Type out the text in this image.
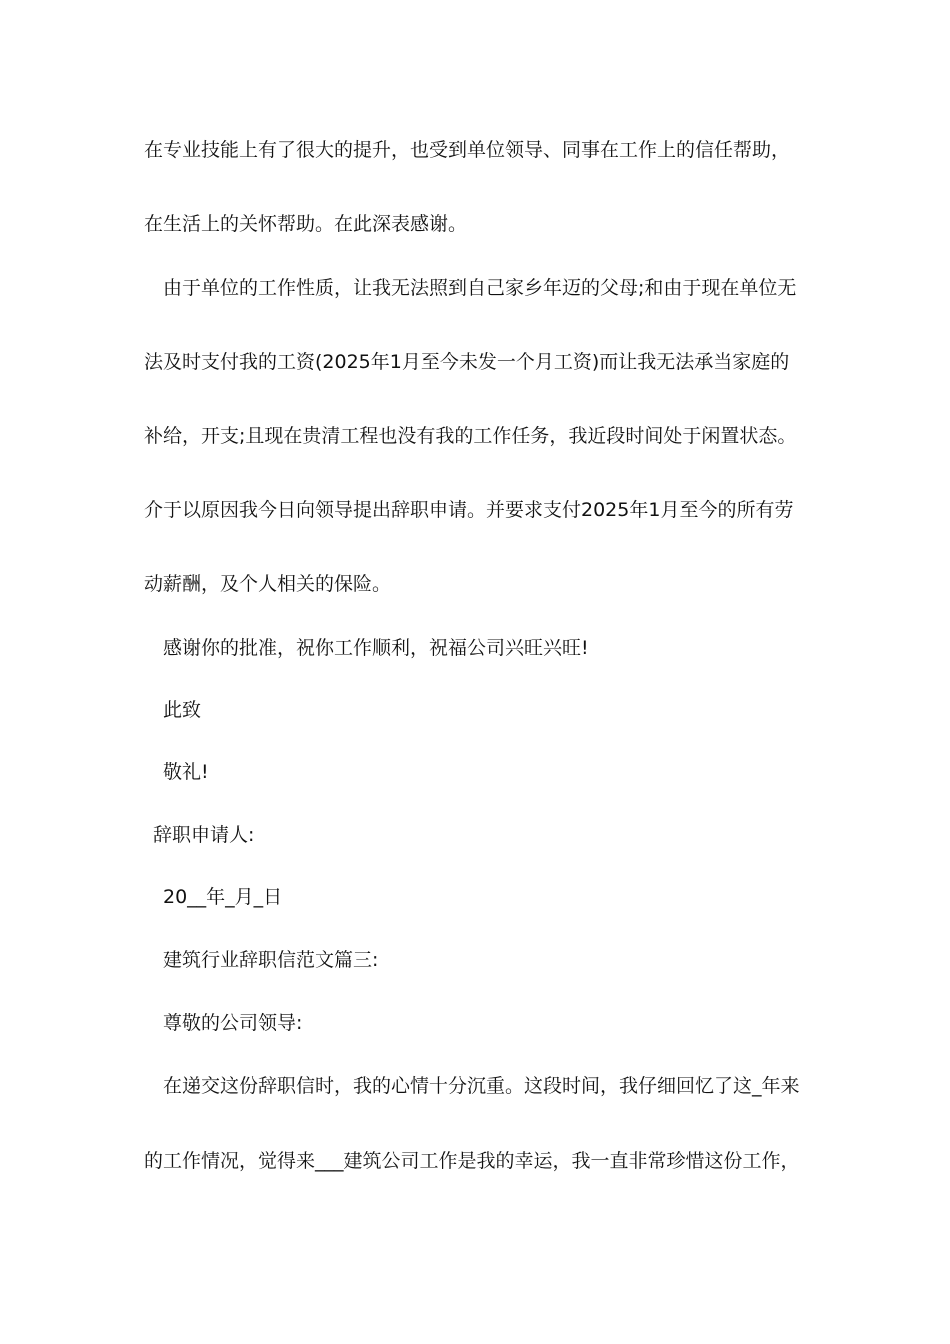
在专业技能上有了很大的提升，也受到单位领导、同事在工作上的信任帮助，
在生活上的关怀帮助。在此深表感谢。
由于单位的工作性质，让我无法照到自己家乡年迈的父母;和由于现在单位无
法及时支付我的工资(2025年1月至今未发一个月工资)而让我无法承当家庭的
补给，开支;且现在贵清工程也没有我的工作任务，我近段时间处于闲置状态。
介于以原因我今日向领导提出辞职申请。并要求支付2025年1月至今的所有劳
动薪酬，及个人相关的保险。
感谢你的批准，祝你工作顺利，祝福公司兴旺兴旺!
此致
敬礼!
辞职申请人:
20__年_月_日
建筑行业辞职信范文篇三:
尊敬的公司领导:
在递交这份辞职信时，我的心情十分沉重。这段时间，我仔细回忆了这_年来
的工作情况，觉得来___建筑公司工作是我的幸运，我一直非常珍惜这份工作，
